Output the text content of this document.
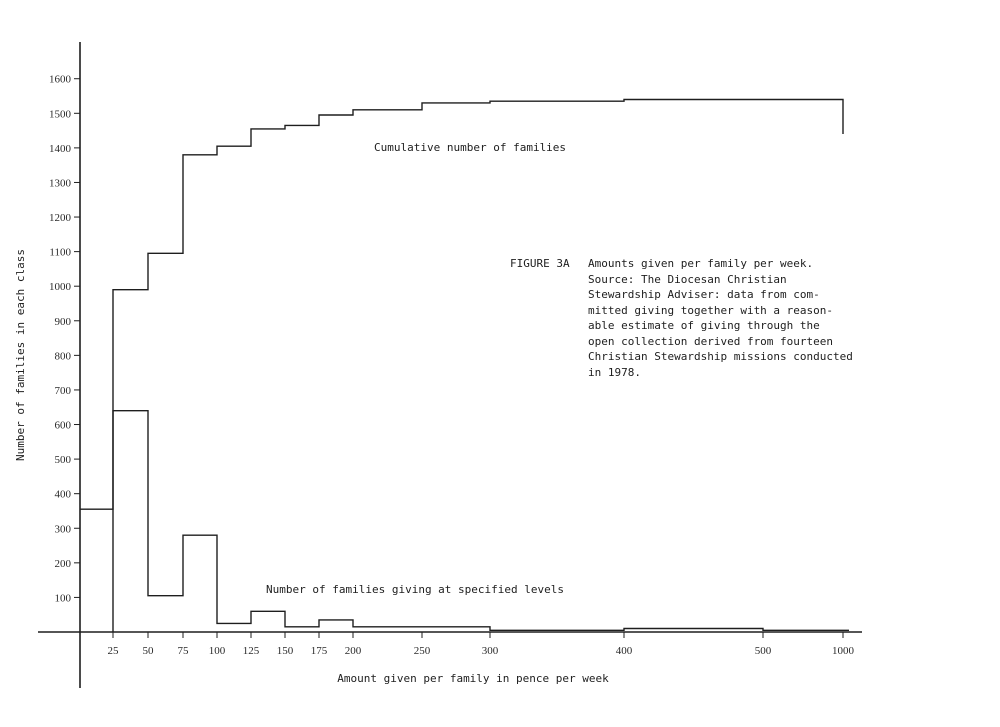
100
200
300
400
500
600
700
800
900
1000
1100
1200
1300
1400
1500
1600
25 50 75 100 125 150 175 200	250	300	400	500	1000
Number of families in each class
Amount given per family in pence per week
Cumulative number of families
Number of families giving at specified levels
FIGURE 3A Amounts given per family per week.
Source: The Diocesan Christian
Stewardship Adviser: data from com-
mitted giving together with a reason-
able estimate of giving through the
open collection derived from fourteen
Christian Stewardship missions conducted
in 1978.
